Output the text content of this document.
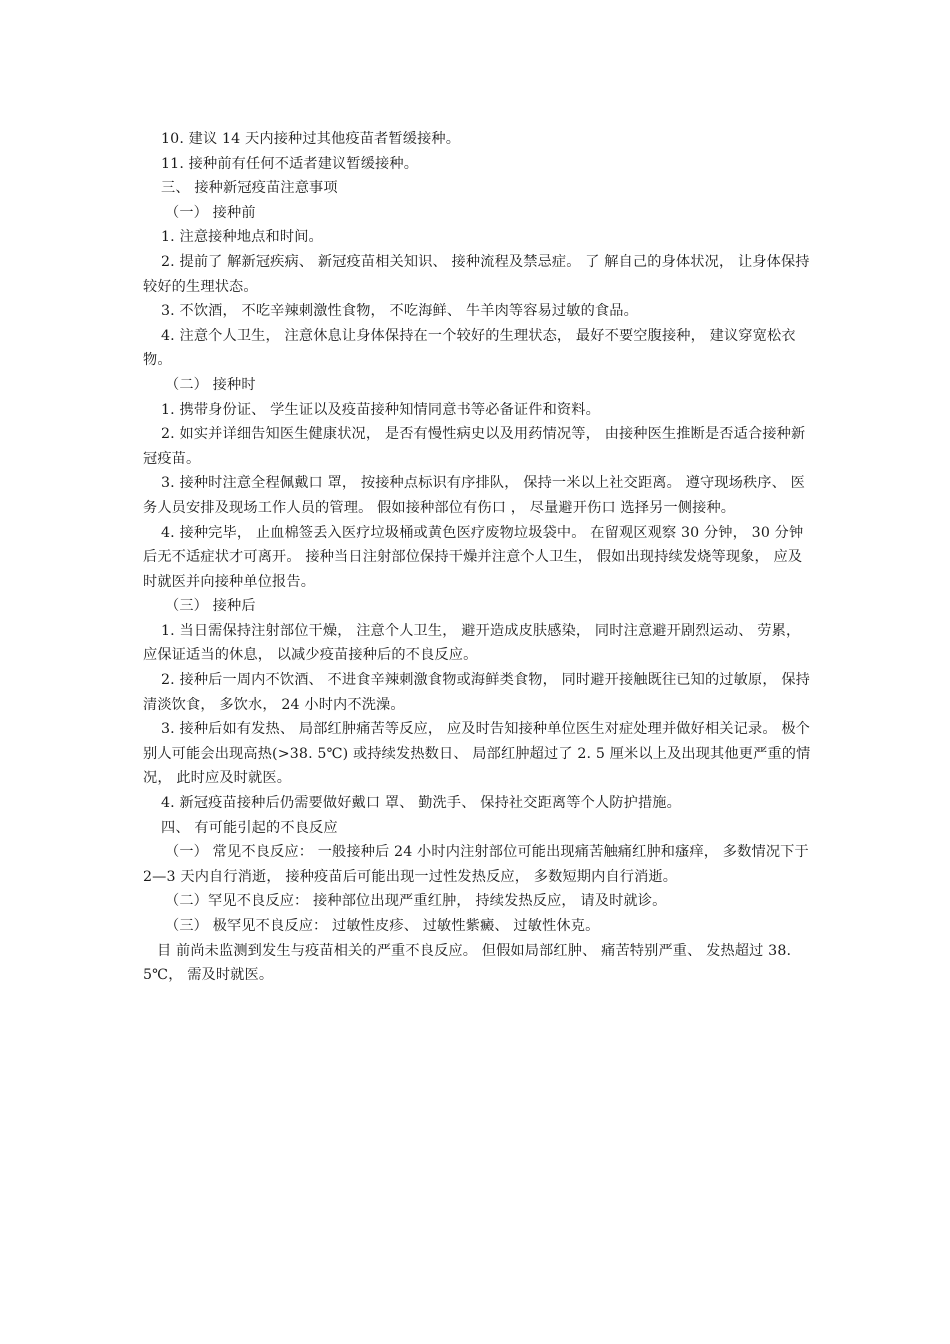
10. 建议 14 天内接种过其他疫苗者暂缓接种。

11. 接种前有任何不适者建议暂缓接种。

三、 接种新冠疫苗注意事项

（一） 接种前

1. 注意接种地点和时间。

2. 提前了 解新冠疾病、 新冠疫苗相关知识、 接种流程及禁忌症。 了 解自己的身体状况， 让身体保持较好的生理状态。

3. 不饮酒， 不吃辛辣刺激性食物， 不吃海鲜、 牛羊肉等容易过敏的食品。

4. 注意个人卫生， 注意休息让身体保持在一个较好的生理状态， 最好不要空腹接种， 建议穿宽松衣物。

（二） 接种时

1. 携带身份证、 学生证以及疫苗接种知情同意书等必备证件和资料。

2. 如实并详细告知医生健康状况， 是否有慢性病史以及用药情况等， 由接种医生推断是否适合接种新冠疫苗。

3. 接种时注意全程佩戴口 罩， 按接种点标识有序排队， 保持一米以上社交距离。 遵守现场秩序、 医务人员安排及现场工作人员的管理。 假如接种部位有伤口 ， 尽量避开伤口 选择另一侧接种。

4. 接种完毕， 止血棉签丢入医疗垃圾桶或黄色医疗废物垃圾袋中。 在留观区观察 30 分钟， 30 分钟后无不适症状才可离开。 接种当日注射部位保持干燥并注意个人卫生， 假如出现持续发烧等现象， 应及时就医并向接种单位报告。

（三） 接种后

1. 当日需保持注射部位干燥， 注意个人卫生， 避开造成皮肤感染， 同时注意避开剧烈运动、 劳累， 应保证适当的休息， 以减少疫苗接种后的不良反应。

2. 接种后一周内不饮酒、 不进食辛辣刺激食物或海鲜类食物， 同时避开接触既往已知的过敏原， 保持清淡饮食， 多饮水， 24 小时内不洗澡。

3. 接种后如有发热、 局部红肿痛苦等反应， 应及时告知接种单位医生对症处理并做好相关记录。 极个别人可能会出现高热(>38. 5℃) 或持续发热数日、 局部红肿超过了 2. 5 厘米以上及出现其他更严重的情况， 此时应及时就医。

4. 新冠疫苗接种后仍需要做好戴口 罩、 勤洗手、 保持社交距离等个人防护措施。

四、 有可能引起的不良反应

（一） 常见不良反应： 一般接种后 24 小时内注射部位可能出现痛苦触痛红肿和瘙痒， 多数情况下于 2—3 天内自行消逝， 接种疫苗后可能出现一过性发热反应， 多数短期内自行消逝。

（二）罕见不良反应： 接种部位出现严重红肿， 持续发热反应， 请及时就诊。

（三） 极罕见不良反应： 过敏性皮疹、 过敏性紫癜、 过敏性休克。

目 前尚未监测到发生与疫苗相关的严重不良反应。 但假如局部红肿、 痛苦特别严重、 发热超过 38. 5℃， 需及时就医。
